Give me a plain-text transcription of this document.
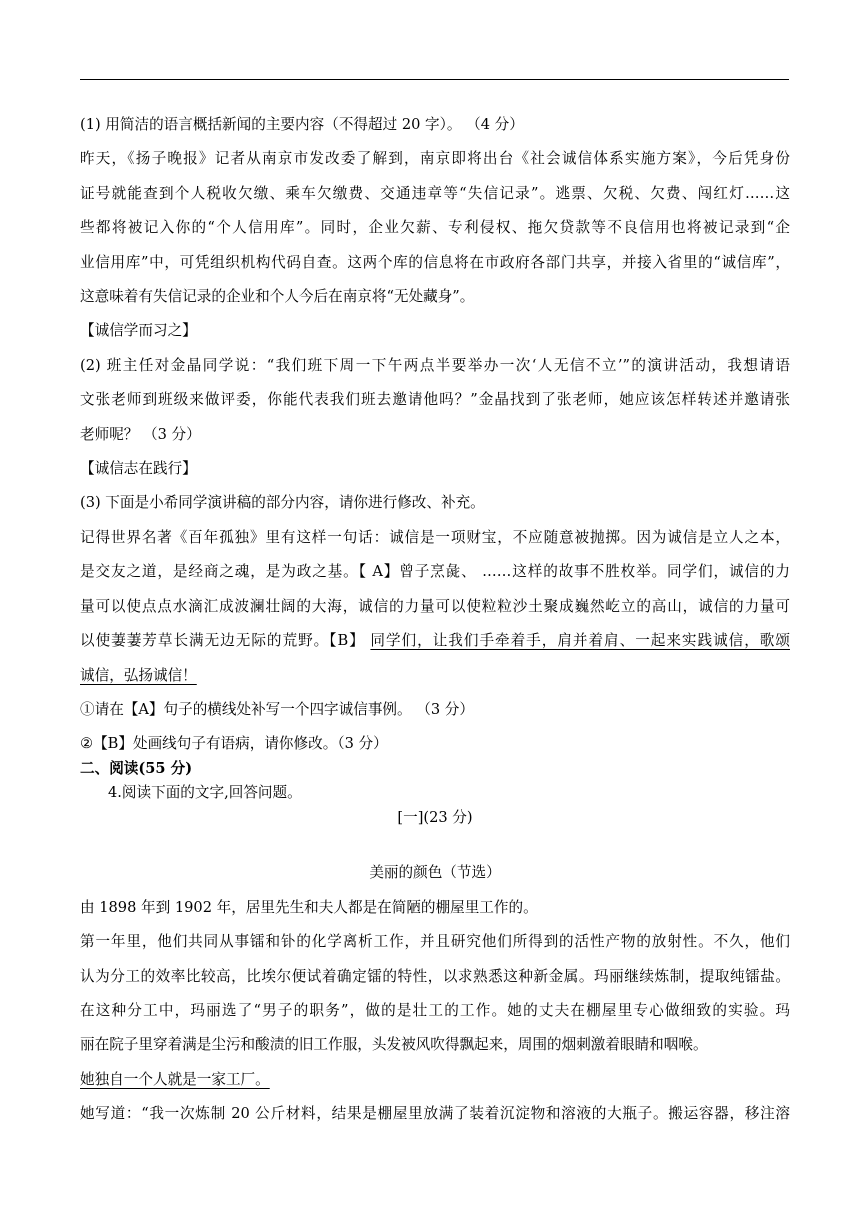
(1) 用简洁的语言概括新闻的主要内容（不得超过 20 字）。 （4 分）

昨天，《扬子晚报》记者从南京市发改委了解到，南京即将出台《社会诚信体系实施方案》，今后凭身份

证号就能查到个人税收欠缴、乘车欠缴费、交通违章等“失信记录”。逃票、欠税、欠费、闯红灯……这

些都将被记入你的“个人信用库”。同时，企业欠薪、专利侵权、拖欠贷款等不良信用也将被记录到“企

业信用库”中，可凭组织机构代码自查。这两个库的信息将在市政府各部门共享，并接入省里的“诚信库”，

这意味着有失信记录的企业和个人今后在南京将“无处藏身”。

【诚信学而习之】

(2) 班主任对金晶同学说：“我们班下周一下午两点半要举办一次‘人无信不立’”的演讲活动，我想请语

文张老师到班级来做评委，你能代表我们班去邀请他吗？”金晶找到了张老师，她应该怎样转述并邀请张

老师呢？ （3 分）

【诚信志在践行】

(3) 下面是小希同学演讲稿的部分内容，请你进行修改、补充。

记得世界名著《百年孤独》里有这样一句话：诚信是一项财宝，不应随意被抛掷。因为诚信是立人之本，

是交友之道，是经商之魂，是为政之基。【 A】曾子烹彘、 ……这样的故事不胜枚举。同学们，诚信的力

量可以使点点水滴汇成波澜壮阔的大海，诚信的力量可以使粒粒沙土聚成巍然屹立的高山，诚信的力量可

以使萋萋芳草长满无边无际的荒野。【B】 同学们，让我们手牵着手，肩并着肩、一起来实践诚信，歌颂

诚信，弘扬诚信！

①请在【A】句子的横线处补写一个四字诚信事例。 （3 分）

②【B】处画线句子有语病，请你修改。（3 分）

二、阅读(55 分)

4.阅读下面的文字,回答问题。

[一](23 分)

美丽的颜色（节选）

由 1898 年到 1902 年，居里先生和夫人都是在简陋的棚屋里工作的。

第一年里，他们共同从事镭和钋的化学离析工作，并且研究他们所得到的活性产物的放射性。不久，他们

认为分工的效率比较高，比埃尔便试着确定镭的特性，以求熟悉这种新金属。玛丽继续炼制，提取纯镭盐。

在这种分工中，玛丽选了“男子的职务”，做的是壮工的工作。她的丈夫在棚屋里专心做细致的实验。玛

丽在院子里穿着满是尘污和酸渍的旧工作服，头发被风吹得飘起来，周围的烟刺激着眼睛和咽喉。

她独自一个人就是一家工厂。

她写道：“我一次炼制 20 公斤材料，结果是棚屋里放满了装着沉淀物和溶液的大瓶子。搬运容器，移注溶
